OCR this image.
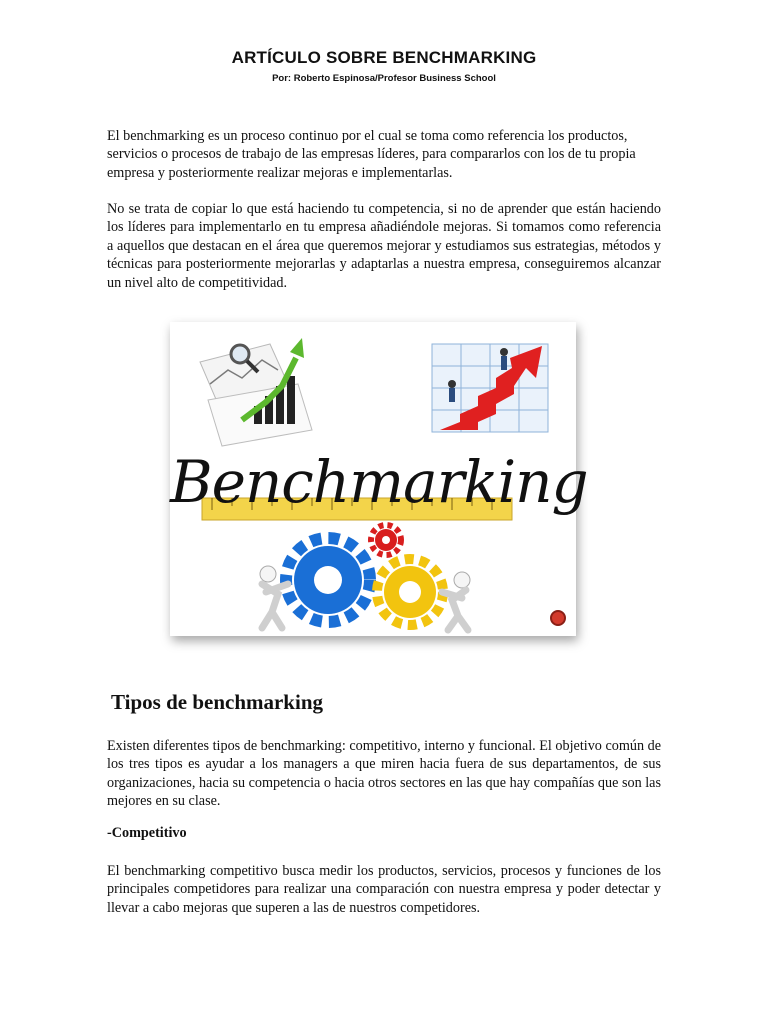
ARTÍCULO SOBRE BENCHMARKING
Por: Roberto Espinosa/Profesor Business School

El benchmarking es un proceso continuo por el cual se toma como referencia los productos, servicios o procesos de trabajo de las empresas líderes, para compararlos con los de tu propia empresa y posteriormente realizar mejoras e implementarlas.

No se trata de copiar lo que está haciendo tu competencia, si no de aprender que están haciendo los líderes para implementarlo en tu empresa añadiéndole mejoras. Si tomamos como referencia a aquellos que destacan en el área que queremos mejorar y estudiamos sus estrategias, métodos y técnicas para posteriormente mejorarlas y adaptarlas a nuestra empresa, conseguiremos alcanzar un nivel alto de competitividad.

Benchmarking
Tipos de benchmarking

Existen diferentes tipos de benchmarking: competitivo, interno y funcional. El objetivo común de los tres tipos es ayudar a los managers a que miren hacia fuera de sus departamentos, de sus organizaciones, hacia su competencia o hacia otros sectores en las que hay compañías que son las mejores en su clase.

-Competitivo

El benchmarking competitivo busca medir los productos, servicios, procesos y funciones de los principales competidores para realizar una comparación con nuestra empresa y poder detectar y llevar a cabo mejoras que superen a las de nuestros competidores.
